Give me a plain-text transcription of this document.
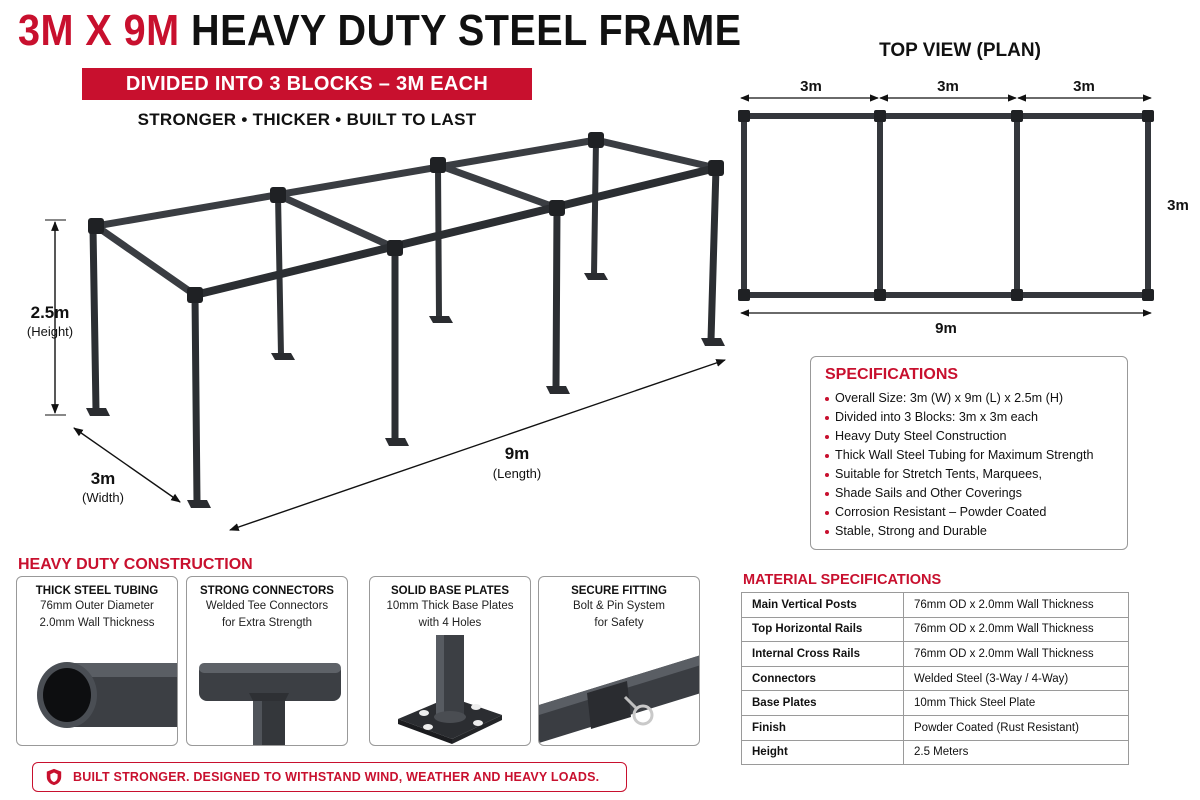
3M X 9M HEAVY DUTY STEEL FRAME
DIVIDED INTO 3 BLOCKS – 3M EACH
STRONGER • THICKER • BUILT TO LAST
2.5m
(Height)
3m
(Width)
9m
(Length)
3m	3m	3m
3m
9m
TOP VIEW (PLAN)
SPECIFICATIONS
Overall Size: 3m (W) x 9m (L) x 2.5m (H)
Divided into 3 Blocks: 3m x 3m each
Heavy Duty Steel Construction
Thick Wall Steel Tubing for Maximum Strength
Suitable for Stretch Tents, Marquees,
Shade Sails and Other Coverings
Corrosion Resistant – Powder Coated
Stable, Strong and Durable
HEAVY DUTY CONSTRUCTION
THICK STEEL TUBING
76mm Outer Diameter
2.0mm Wall Thickness
STRONG CONNECTORS
Welded Tee Connectors
for Extra Strength
SOLID BASE PLATES
10mm Thick Base Plates
with 4 Holes
SECURE FITTING
Bolt & Pin System
for Safety
MATERIAL SPECIFICATIONS
Main Vertical Posts	76mm OD x 2.0mm Wall Thickness
Top Horizontal Rails	76mm OD x 2.0mm Wall Thickness
Internal Cross Rails	76mm OD x 2.0mm Wall Thickness
Connectors	Welded Steel (3-Way / 4-Way)
Base Plates	10mm Thick Steel Plate
Finish	Powder Coated (Rust Resistant)
Height	2.5 Meters
BUILT STRONGER. DESIGNED TO WITHSTAND WIND, WEATHER AND HEAVY LOADS.
